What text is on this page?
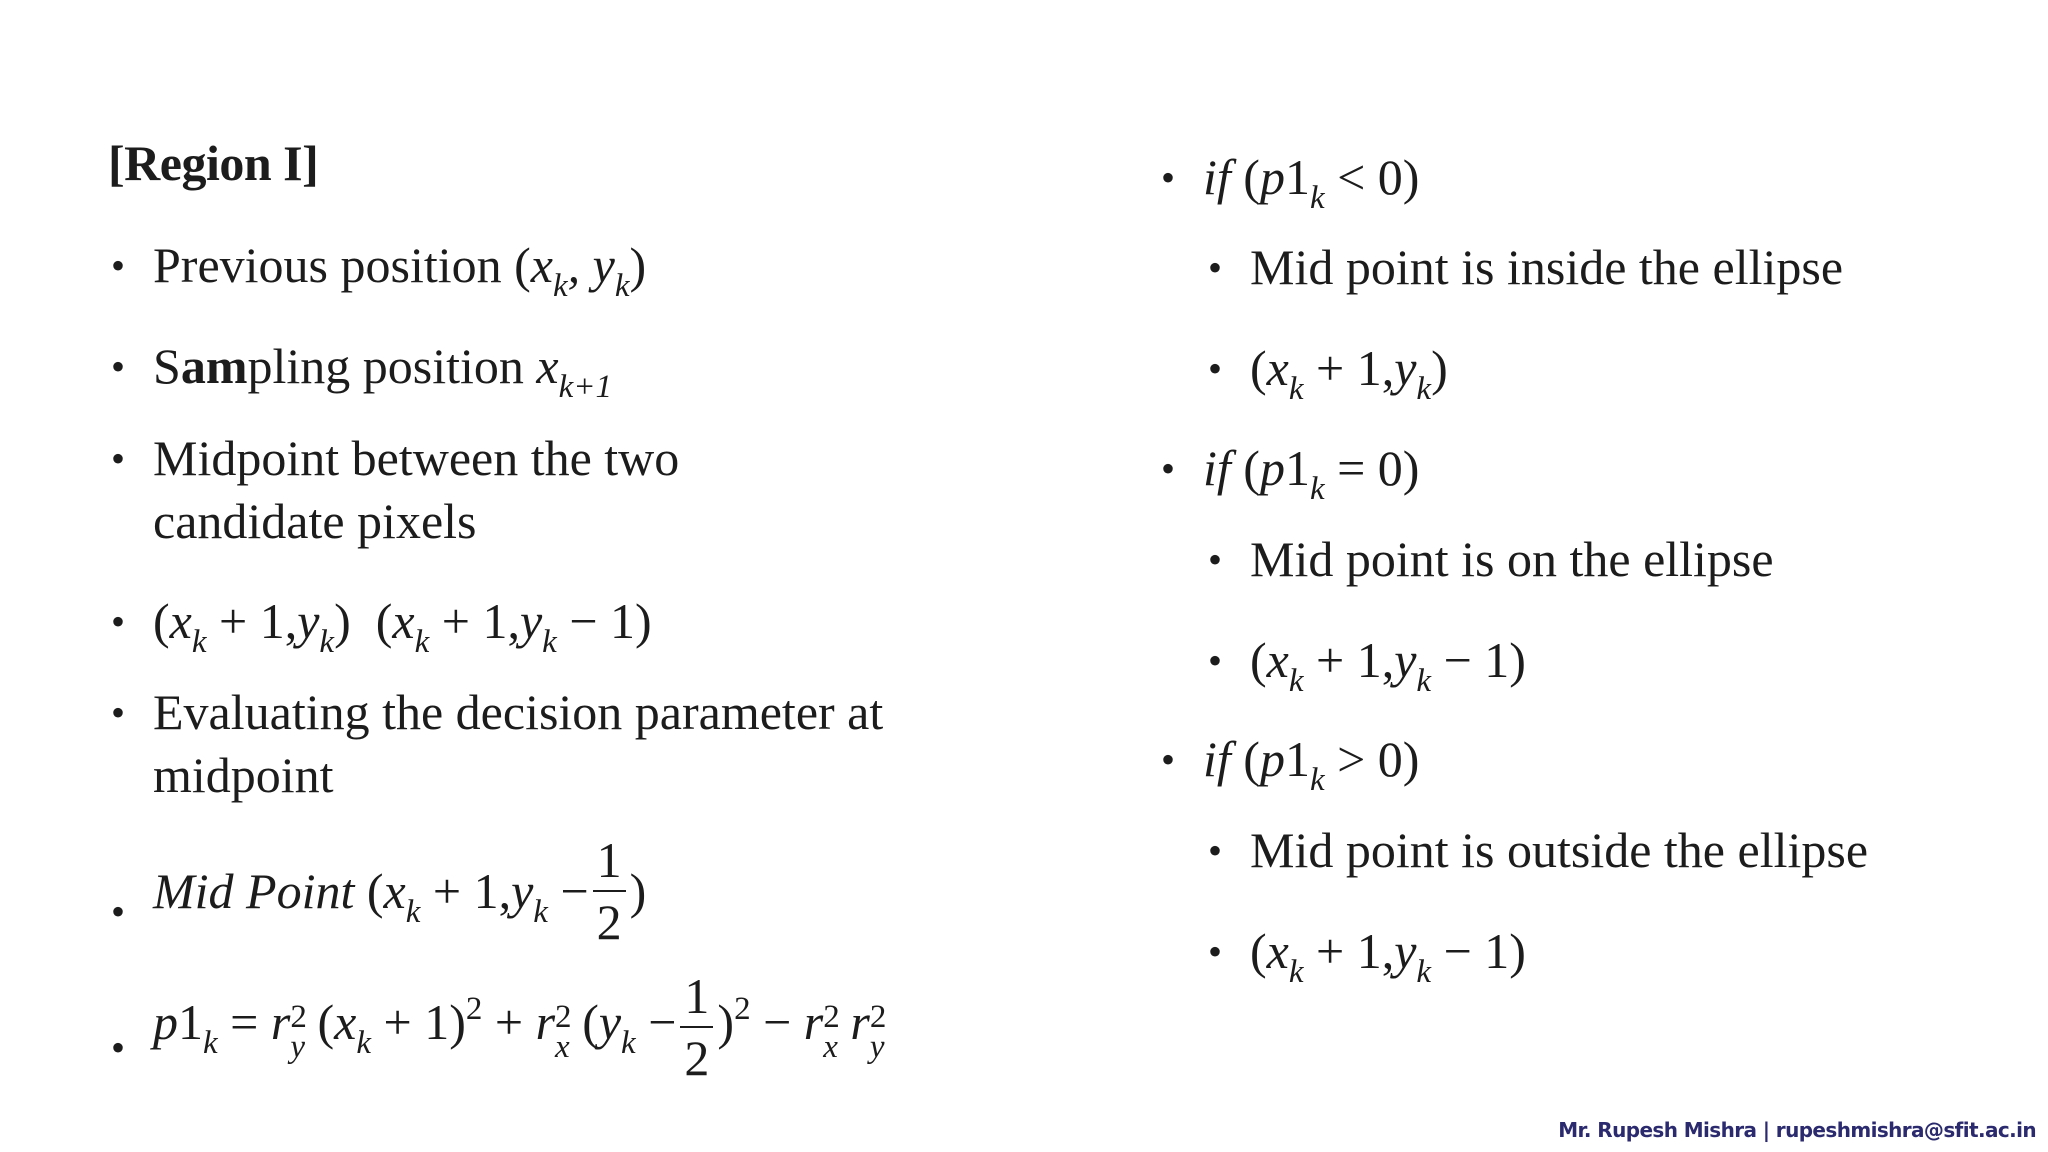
[Region I]
• Previous position ($x_k$, $y_k$)
• Sampling position $x_{k+1}$
• Midpoint between the two
candidate pixels
• $(x_k + 1,y_k) (x_k + 1,y_k - 1)$
• Evaluating the decision parameter at
midpoint
• Mid Point ($x_k + 1,y_k - \frac{1}{2}$ )
• $p1_k = r$ 2
y $(x_k + 1)^2 + r$ 2
x $(y_k - \frac{1}{2} )^2 - r$ 2
x r 2
y
• if $(p1_k < 0)$
• Mid point is inside the ellipse
• $(x_k + 1,y_k)$
• if $(p1_k = 0)$
• Mid point is on the ellipse
• $(x_k + 1,y_k - 1)$
• if $(p1_k > 0)$
• Mid point is outside the ellipse
• $(x_k + 1,y_k - 1)$
Mr. Rupesh Mishra | rupeshmishra@sfit.ac.in
